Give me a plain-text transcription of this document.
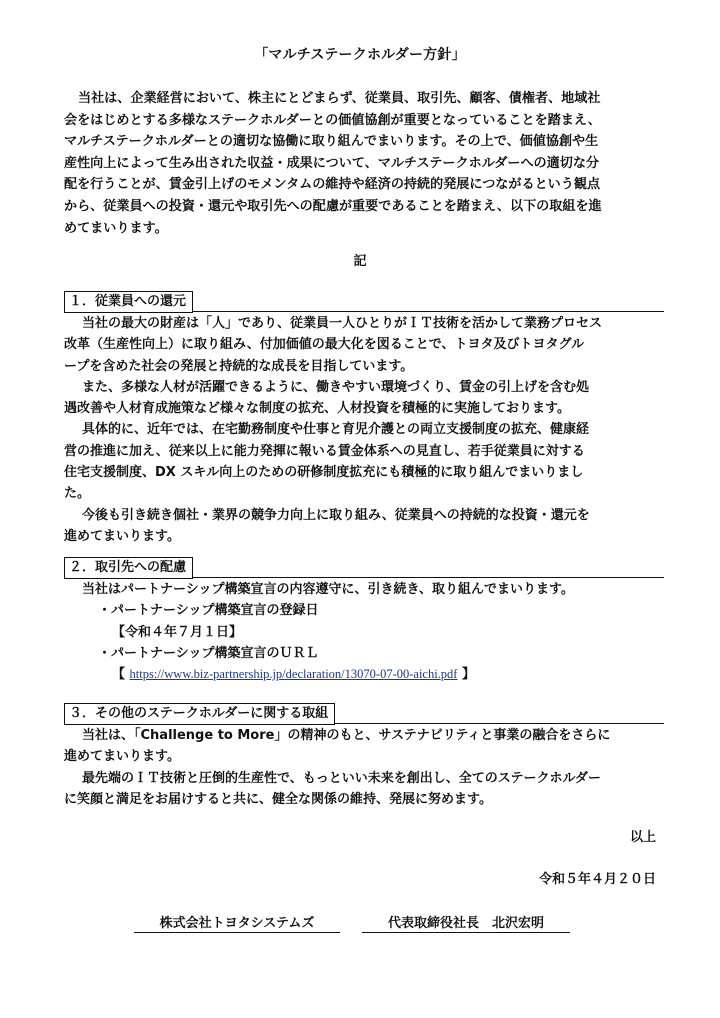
「マルチステークホルダー方針」
当社は、企業経営において、株主にとどまらず、従業員、取引先、顧客、債権者、地域社
会をはじめとする多様なステークホルダーとの価値協創が重要となっていることを踏まえ、
マルチステークホルダーとの適切な協働に取り組んでまいります。その上で、価値協創や生
産性向上によって生み出された収益・成果について、マルチステークホルダーへの適切な分
配を行うことが、賃金引上げのモメンタムの維持や経済の持続的発展につながるという観点
から、従業員への投資・還元や取引先への配慮が重要であることを踏まえ、以下の取組を進
めてまいります。
記
１．従業員への還元
当社の最大の財産は「人」であり、従業員一人ひとりがＩＴ技術を活かして業務プロセス
改革（生産性向上）に取り組み、付加価値の最大化を図ることで、トヨタ及びトヨタグル
ープを含めた社会の発展と持続的な成長を目指しています。
また、多様な人材が活躍できるように、働きやすい環境づくり、賃金の引上げを含む処
遇改善や人材育成施策など様々な制度の拡充、人材投資を積極的に実施しております。
具体的に、近年では、在宅勤務制度や仕事と育児介護との両立支援制度の拡充、健康経
営の推進に加え、従来以上に能力発揮に報いる賃金体系への見直し、若手従業員に対する
住宅支援制度、DX スキル向上のための研修制度拡充にも積極的に取り組んでまいりまし
た。
今後も引き続き個社・業界の競争力向上に取り組み、従業員への持続的な投資・還元を
進めてまいります。
２．取引先への配慮
当社はパートナーシップ構築宣言の内容遵守に、引き続き、取り組んでまいります。
・パートナーシップ構築宣言の登録日
【令和４年７月１日】
・パートナーシップ構築宣言のＵＲＬ
【 https://www.biz-partnership.jp/declaration/13070-07-00-aichi.pdf 】
３．その他のステークホルダーに関する取組
当社は、「Challenge to More」の精神のもと、サステナビリティと事業の融合をさらに
進めてまいります。
最先端のＩＴ技術と圧倒的生産性で、もっといい未来を創出し、全てのステークホルダー
に笑顔と満足をお届けすると共に、健全な関係の維持、発展に努めます。
以上
令和５年４月２０日
株式会社トヨタシステムズ	代表取締役社長　北沢宏明
